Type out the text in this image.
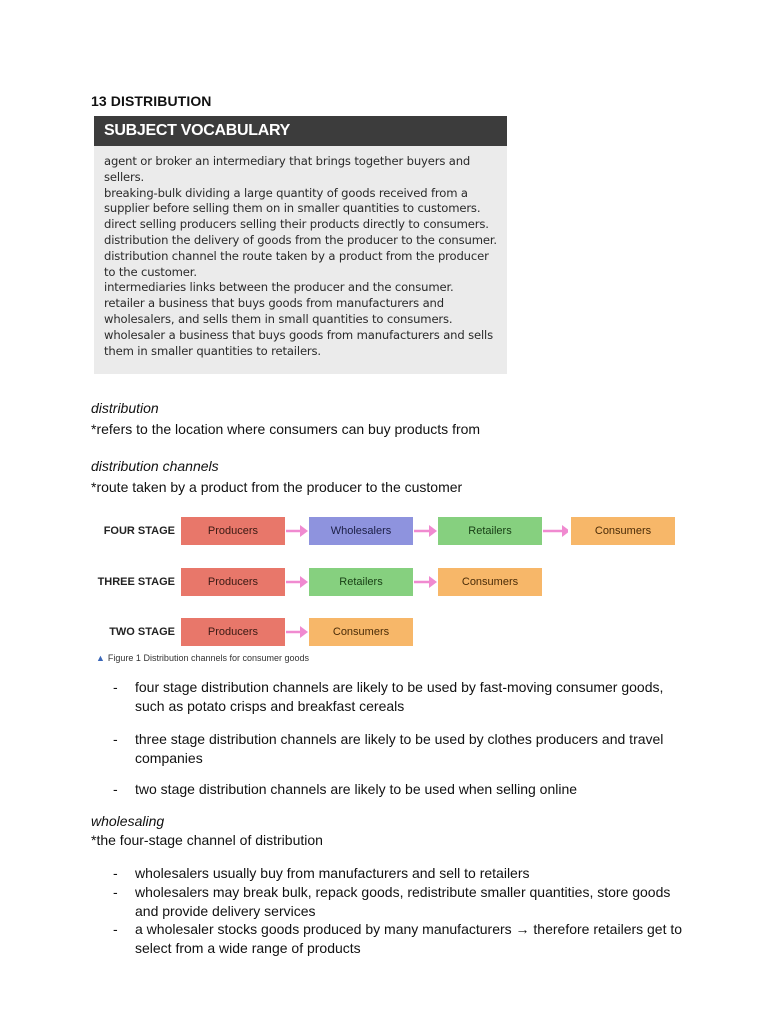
13 DISTRIBUTION
SUBJECT VOCABULARY
agent or broker an intermediary that brings together buyers and
sellers.
breaking-bulk dividing a large quantity of goods received from a
supplier before selling them on in smaller quantities to customers.
direct selling producers selling their products directly to consumers.
distribution the delivery of goods from the producer to the consumer.
distribution channel the route taken by a product from the producer
to the customer.
intermediaries links between the producer and the consumer.
retailer a business that buys goods from manufacturers and
wholesalers, and sells them in small quantities to consumers.
wholesaler a business that buys goods from manufacturers and sells
them in smaller quantities to retailers.
distribution
*refers to the location where consumers can buy products from
distribution channels
*route taken by a product from the producer to the customer
▲ Figure 1 Distribution channels for consumer goods
FOUR STAGE	Producers	Wholesalers	Retailers	Consumers
THREE STAGE	Producers	Retailers	Consumers
TWO STAGE	Producers	Consumers
- four stage distribution channels are likely to be used by fast-moving consumer goods,
such as potato crisps and breakfast cereals
- three stage distribution channels are likely to be used by clothes producers and travel
companies
- two stage distribution channels are likely to be used when selling online
wholesaling
*the four-stage channel of distribution
- wholesalers usually buy from manufacturers and sell to retailers
- wholesalers may break bulk, repack goods, redistribute smaller quantities, store goods
and provide delivery services
- a wholesaler stocks goods produced by many manufacturers → therefore retailers get to
select from a wide range of products
